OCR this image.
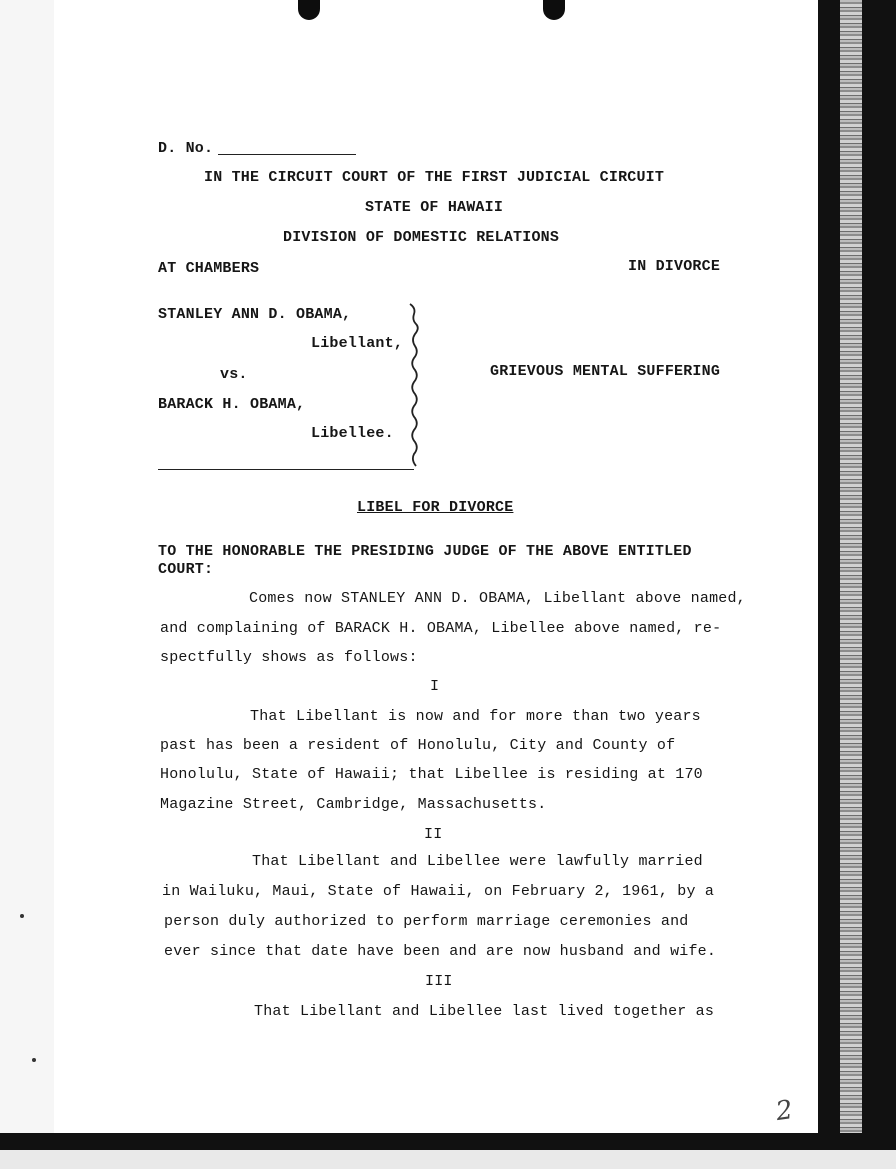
D. No.
IN THE CIRCUIT COURT OF THE FIRST JUDICIAL CIRCUIT
STATE OF HAWAII
DIVISION OF DOMESTIC RELATIONS
AT CHAMBERS	IN DIVORCE
STANLEY ANN D. OBAMA,
Libellant,
vs.
BARACK H. OBAMA,
Libellee.
GRIEVOUS MENTAL SUFFERING
LIBEL FOR DIVORCE
TO THE HONORABLE THE PRESIDING JUDGE OF THE ABOVE ENTITLED
COURT:
Comes now STANLEY ANN D. OBAMA, Libellant above named,
and complaining of BARACK H. OBAMA, Libellee above named, re-
spectfully shows as follows:
I
That Libellant is now and for more than two years
past has been a resident of Honolulu, City and County of
Honolulu, State of Hawaii; that Libellee is residing at 170
Magazine Street, Cambridge, Massachusetts.
II
That Libellant and Libellee were lawfully married
in Wailuku, Maui, State of Hawaii, on February 2, 1961, by a
person duly authorized to perform marriage ceremonies and
ever since that date have been and are now husband and wife.
III
That Libellant and Libellee last lived together as
2
